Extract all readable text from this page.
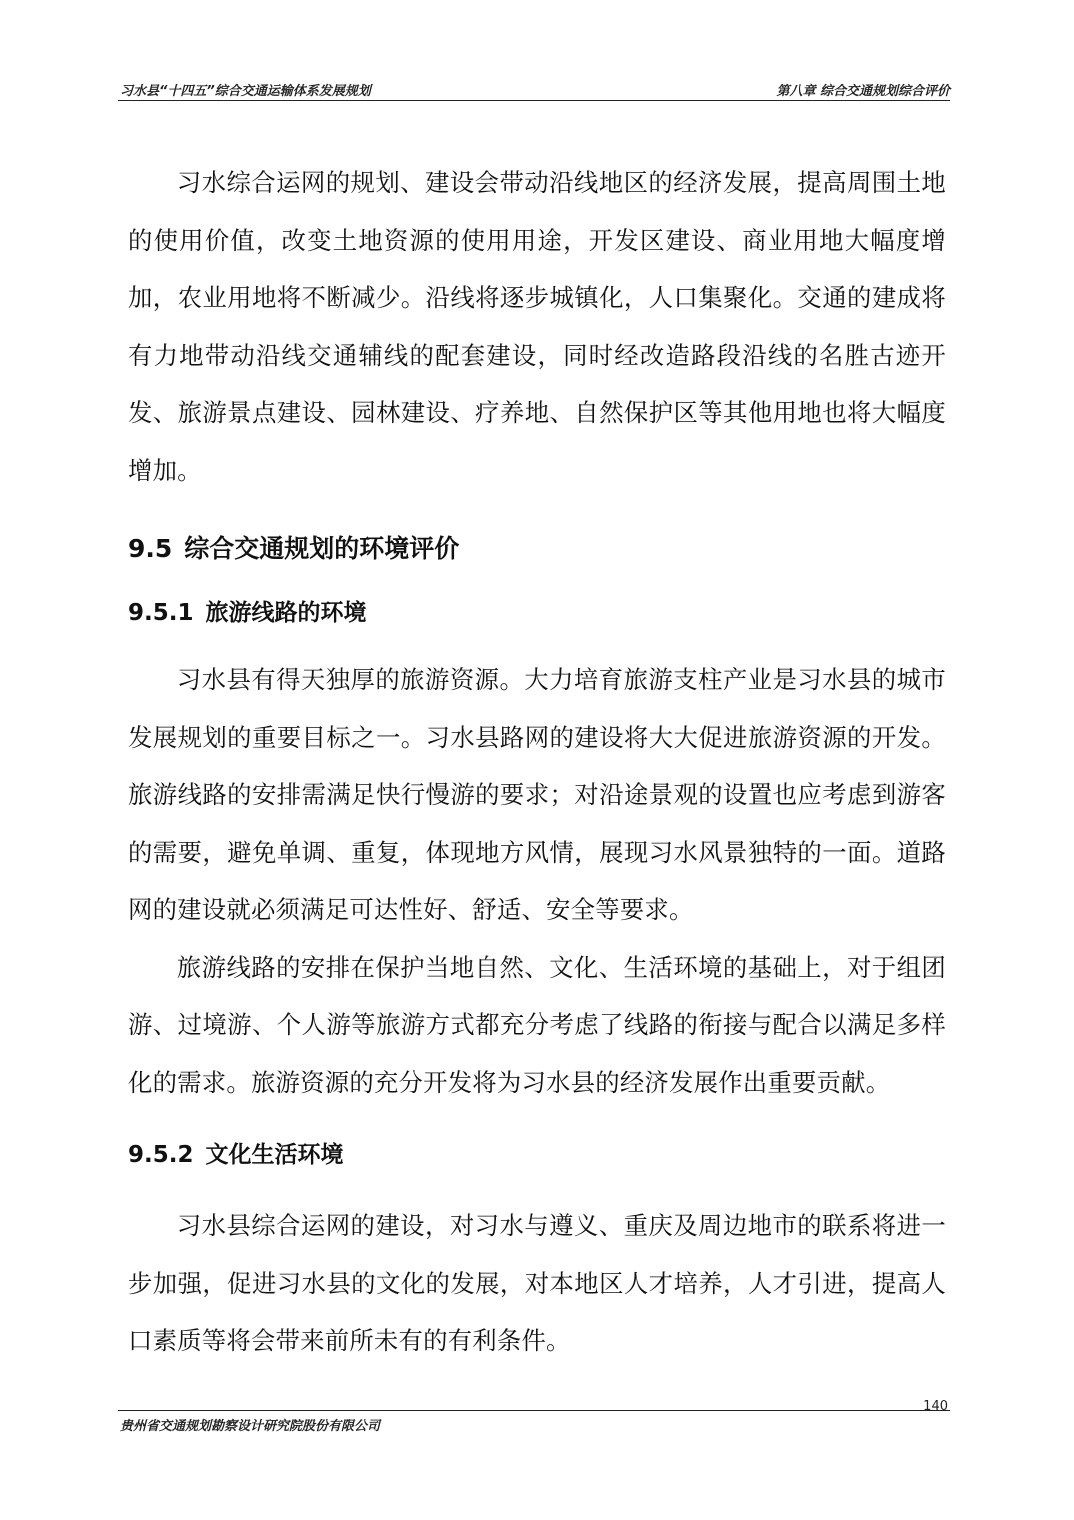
习水县“十四五”综合交通运输体系发展规划	第八章 综合交通规划综合评价

习水综合运网的规划、建设会带动沿线地区的经济发展，提高周围土地的使用价值，改变土地资源的使用用途，开发区建设、商业用地大幅度增加，农业用地将不断减少。沿线将逐步城镇化，人口集聚化。交通的建成将有力地带动沿线交通辅线的配套建设，同时经改造路段沿线的名胜古迹开发、旅游景点建设、园林建设、疗养地、自然保护区等其他用地也将大幅度增加。

9.5 综合交通规划的环境评价
9.5.1 旅游线路的环境

习水县有得天独厚的旅游资源。大力培育旅游支柱产业是习水县的城市发展规划的重要目标之一。习水县路网的建设将大大促进旅游资源的开发。旅游线路的安排需满足快行慢游的要求；对沿途景观的设置也应考虑到游客的需要，避免单调、重复，体现地方风情，展现习水风景独特的一面。道路网的建设就必须满足可达性好、舒适、安全等要求。

旅游线路的安排在保护当地自然、文化、生活环境的基础上，对于组团游、过境游、个人游等旅游方式都充分考虑了线路的衔接与配合以满足多样化的需求。旅游资源的充分开发将为习水县的经济发展作出重要贡献。

9.5.2 文化生活环境

习水县综合运网的建设，对习水与遵义、重庆及周边地市的联系将进一步加强，促进习水县的文化的发展，对本地区人才培养，人才引进，提高人口素质等将会带来前所未有的有利条件。

贵州省交通规划勘察设计研究院股份有限公司
140
